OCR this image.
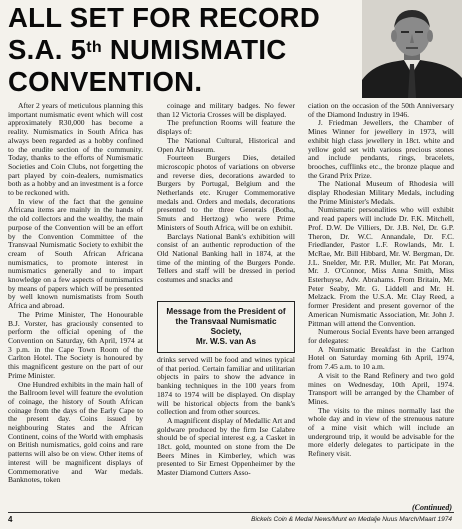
ALL SET FOR RECORD
S.A. 5th NUMISMATIC
CONVENTION.

After 2 years of meticulous planning this important numismatic event which will cost approximately R30,000 has become a reality. Numismatics in South Africa has always been regarded as a hobby confined to the erudite section of the community. Today, thanks to the efforts of Numismatic Societies and Coin Clubs, not forgetting the part played by coin-dealers, numismatics both as a hobby and an investment is a force to be reckoned with.

In view of the fact that the genuine Africana items are mainly in the hands of the old collectors and the wealthy, the main purpose of the Convention will be an effort by the Convention Committee of the Transvaal Numismatic Society to exhibit the cream of South African Africana numismatics, to promote interest in numismatics generally and to impart knowledge on a few aspects of numismatics by means of papers which will be presented by well known numismatists from South Africa and abroad.

The Prime Minister, The Honourable B.J. Vorster, has graciously consented to perform the official opening of the Convention on Saturday, 6th April, 1974 at 3 p.m. in the Cape Town Room of the Carlton Hotel. The Society is honoured by this magnificent gesture on the part of our Prime Minister.

One Hundred exhibits in the main hall of the Ballroom level will feature the evolution of coinage, the history of South African coinage from the days of the Early Cape to the present day. Coins issued by neighbouring States and the African Continent, coins of the World with emphasis on British numismatics, gold coins and rare patterns will also be on view. Other items of interest will be magnificent displays of Commemorative and War medals. Banknotes, token

coinage and military badges. No fewer than 12 Victoria Crosses will be displayed.

The prefunction Rooms will feature the displays of:

The National Cultural, Historical and Open Air Museum.

Fourteen Burgers Dies, detailed microscopic photos of variations on obverse and reverse dies, decorations awarded to Burgers by Portugal, Belgium and the Netherlands etc. Kruger Commemorative medals and. Orders and medals, decorations presented to the three Generals (Botha, Smuts and Hertzog) who were Prime Ministers of South Africa, will be on exhibit.

Barclays National Bank's exhibition will consist of an authentic reproduction of the Old National Banking hall in 1874, at the time of the minting of the Burgers Ponde. Tellers and staff will be dressed in period costumes and snacks and

Message from the President of
the Transvaal Numismatic
Society,
Mr. W.S. van As

drinks served will be food and wines typical of that period. Certain familiar and utilitarian objects in pairs to show the advance in banking techniques in the 100 years from 1874 to 1974 will be displayed. On display will be historical objects from the bank's collection and from other sources.

A magnificent display of Medallic Art and goldware produced by the firm Ise Calabre should be of special interest e.g. a Casket in 18ct. gold, mounted on stone from the De Beers Mines in Kimberley, which was presented to Sir Ernest Oppenheimer by the Master Diamond Cutters Asso-

ciation on the occasion of the 50th Anniversary of the Diamond Industry in 1946.

J. Friedman Jewellers, the Chamber of Mines Winner for jewellery in 1973, will exhibit high class jewellery in 18ct. white and yellow gold set with various precious stones and include pendants, rings, bracelets, brooches, cufflinks etc., the bronze plaque and the Grand Prix Prize.

The National Museum of Rhodesia will display Rhodesian Military Medals, including the Prime Minister's Medals.

Numismatic personalities who will exhibit and read papers will include Dr. F.K. Mitchell, Prof. D.W. De Villiers, Dr. J.B. Nel, Dr. G.P. Theron, Dr. W.C. Annandale, Dr. F.C. Friedlander, Pastor L.F. Rowlands, Mr. I. McRae, Mr. Bill Hibbard, Mr. W. Bergman, Dr. J.L. Snelder, Mr. P.R. Muller, Mr. Pat Moran, Mr. J. O'Connor, Miss Anna Smith, Miss Esterhuyse, Adv. Abrahams. From Britain, Mr. Peter Seaby, Mr. G. Liddell and Mr. H. Melzack. From the U.S.A. Mr. Clay Reed, a former President and present governor of the American Numismatic Association, Mr. John J. Pittman will attend the Convention.

Numerous Social Events have been arranged for delegates:

A Numismatic Breakfast in the Carlton Hotel on Saturday morning 6th April, 1974, from 7.45 a.m. to 10 a.m.

A visit to the Rand Refinery and two gold mines on Wednesday, 10th April, 1974. Transport will be arranged by the Chamber of Mines.

The visits to the mines normally last the whole day and in view of the strenuous nature of a mine visit which will include an underground trip, it would be advisable for the more elderly delegates to participate in the Refinery visit.

(Continued)
4	Bickels Coin & Medal News/Munt en Medalje Nuus March/Maart 1974
